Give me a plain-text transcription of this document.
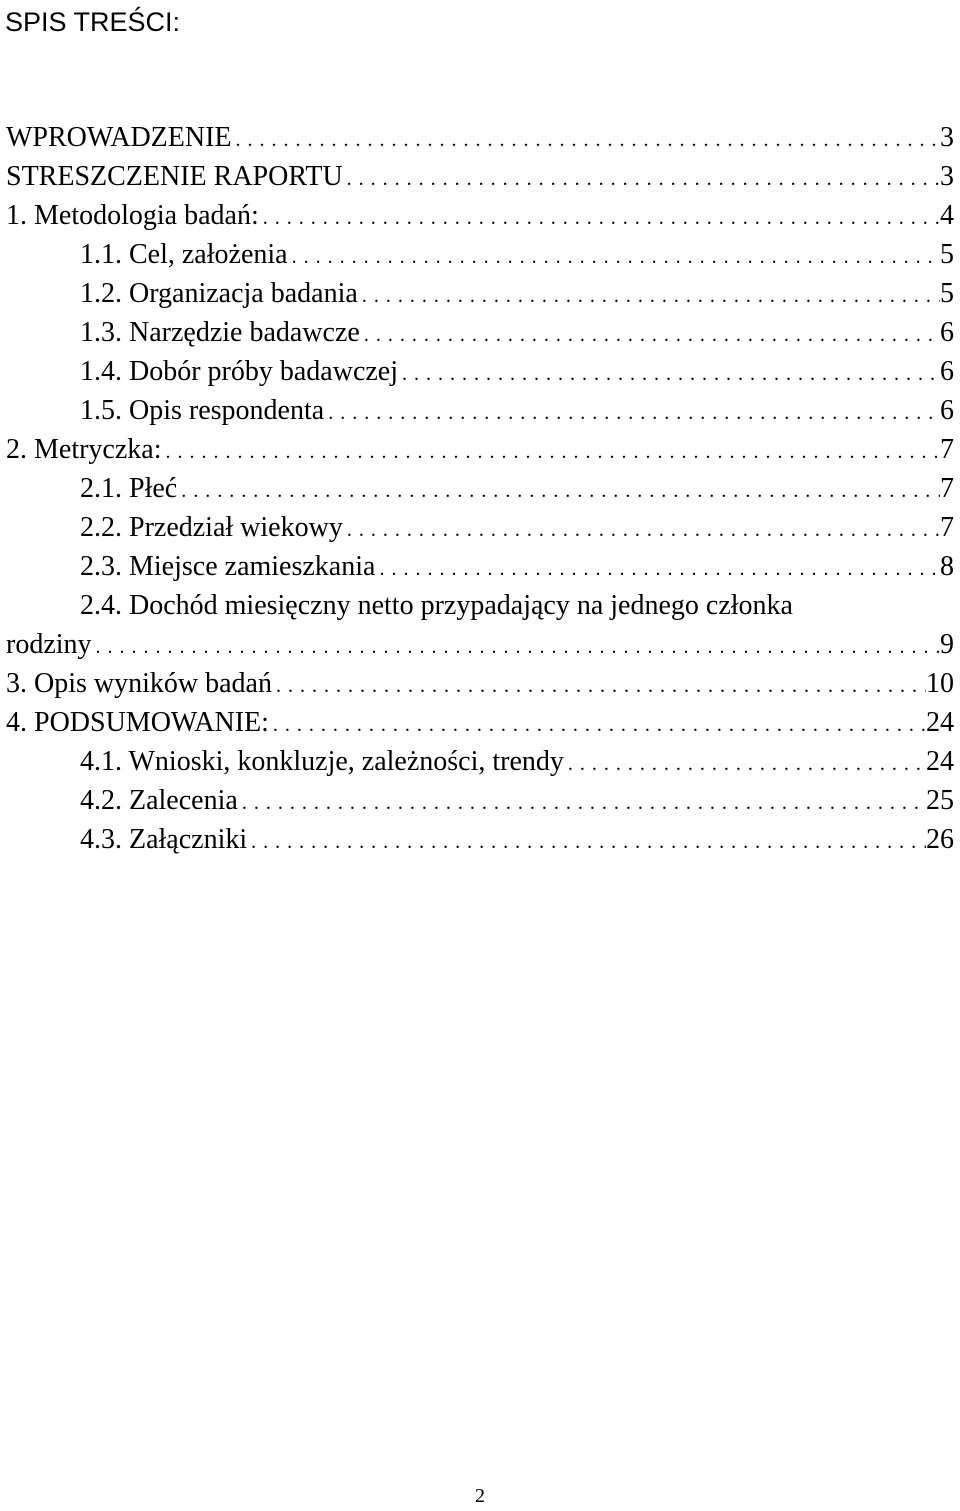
SPIS TREŚCI:
WPROWADZENIE . . .	3
STRESZCZENIE RAPORTU . . .	3
1. Metodologia badań: . . .	4
1.1. Cel, założenia . . .	5
1.2. Organizacja badania . . .	5
1.3. Narzędzie badawcze . . .	6
1.4. Dobór próby badawczej . . .	6
1.5. Opis respondenta . . .	6
2. Metryczka: . . .	7
2.1. Płeć . . .	7
2.2. Przedział wiekowy . . .	7
2.3. Miejsce zamieszkania . . .	8
2.4. Dochód miesięczny netto przypadający na jednego członka
rodziny . . .	9
3. Opis wyników badań . . .	10
4. PODSUMOWANIE: . . .	24
4.1. Wnioski, konkluzje, zależności, trendy . . .	24
4.2. Zalecenia . . .	25
4.3. Załączniki . . .	26
2
